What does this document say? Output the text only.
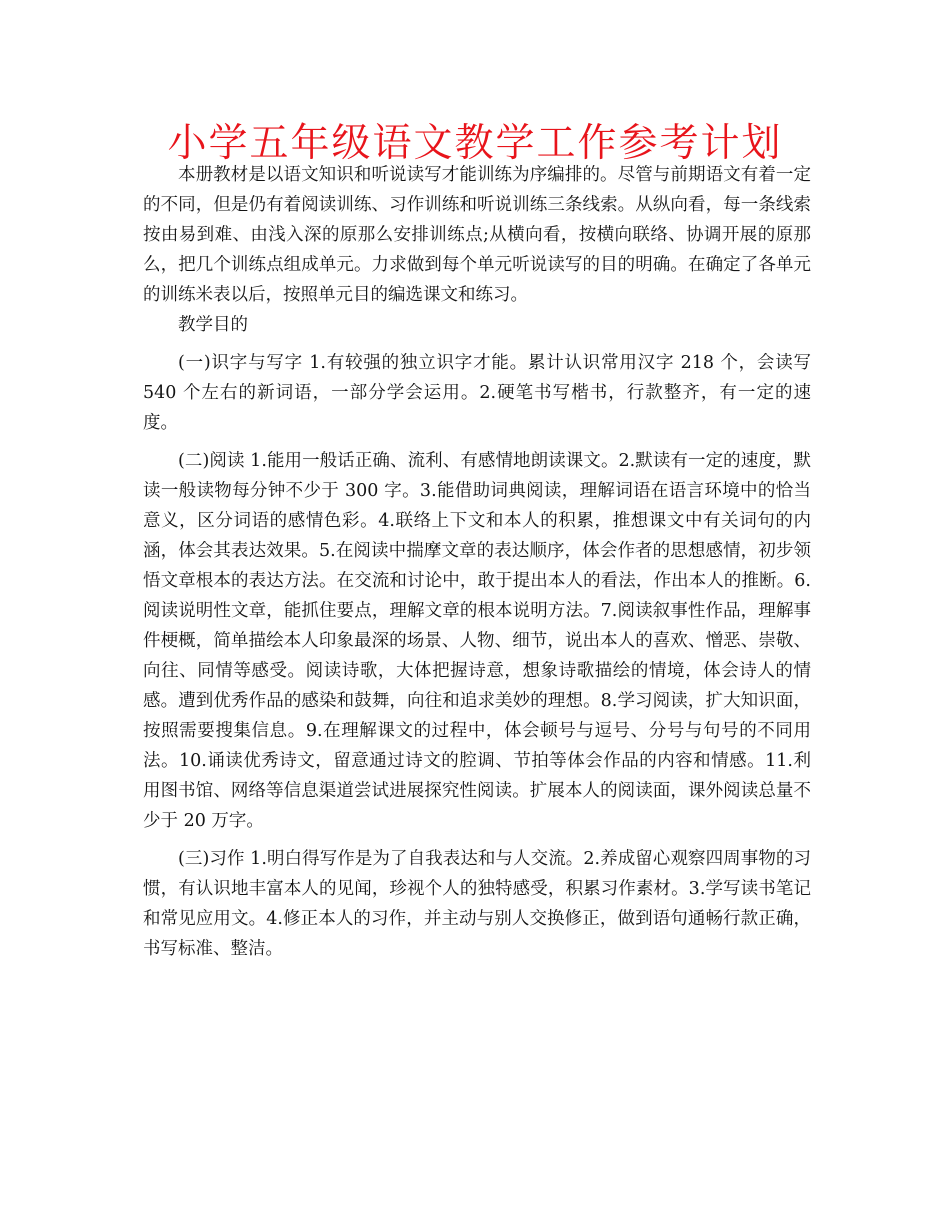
小学五年级语文教学工作参考计划

本册教材是以语文知识和听说读写才能训练为序编排的。尽管与前期语文有着一定的不同，但是仍有着阅读训练、习作训练和听说训练三条线索。从纵向看，每一条线索按由易到难、由浅入深的原那么安排训练点;从横向看，按横向联络、协调开展的原那么，把几个训练点组成单元。力求做到每个单元听说读写的目的明确。在确定了各单元的训练米表以后，按照单元目的编选课文和练习。

教学目的

(一)识字与写字 1.有较强的独立识字才能。累计认识常用汉字 218 个，会读写 540 个左右的新词语，一部分学会运用。2.硬笔书写楷书，行款整齐，有一定的速度。

(二)阅读 1.能用一般话正确、流利、有感情地朗读课文。2.默读有一定的速度，默读一般读物每分钟不少于 300 字。3.能借助词典阅读，理解词语在语言环境中的恰当意义，区分词语的感情色彩。4.联络上下文和本人的积累，推想课文中有关词句的内涵，体会其表达效果。5.在阅读中揣摩文章的表达顺序，体会作者的思想感情，初步领悟文章根本的表达方法。在交流和讨论中，敢于提出本人的看法，作出本人的推断。6.阅读说明性文章，能抓住要点，理解文章的根本说明方法。7.阅读叙事性作品，理解事件梗概，简单描绘本人印象最深的场景、人物、细节，说出本人的喜欢、憎恶、崇敬、向往、同情等感受。阅读诗歌，大体把握诗意，想象诗歌描绘的情境，体会诗人的情感。遭到优秀作品的感染和鼓舞，向往和追求美妙的理想。8.学习阅读，扩大知识面，按照需要搜集信息。9.在理解课文的过程中，体会顿号与逗号、分号与句号的不同用法。10.诵读优秀诗文，留意通过诗文的腔调、节拍等体会作品的内容和情感。11.利用图书馆、网络等信息渠道尝试进展探究性阅读。扩展本人的阅读面，课外阅读总量不少于 20 万字。

(三)习作 1.明白得写作是为了自我表达和与人交流。2.养成留心观察四周事物的习惯，有认识地丰富本人的见闻，珍视个人的独特感受，积累习作素材。3.学写读书笔记和常见应用文。4.修正本人的习作，并主动与别人交换修正，做到语句通畅行款正确，书写标准、整洁。
